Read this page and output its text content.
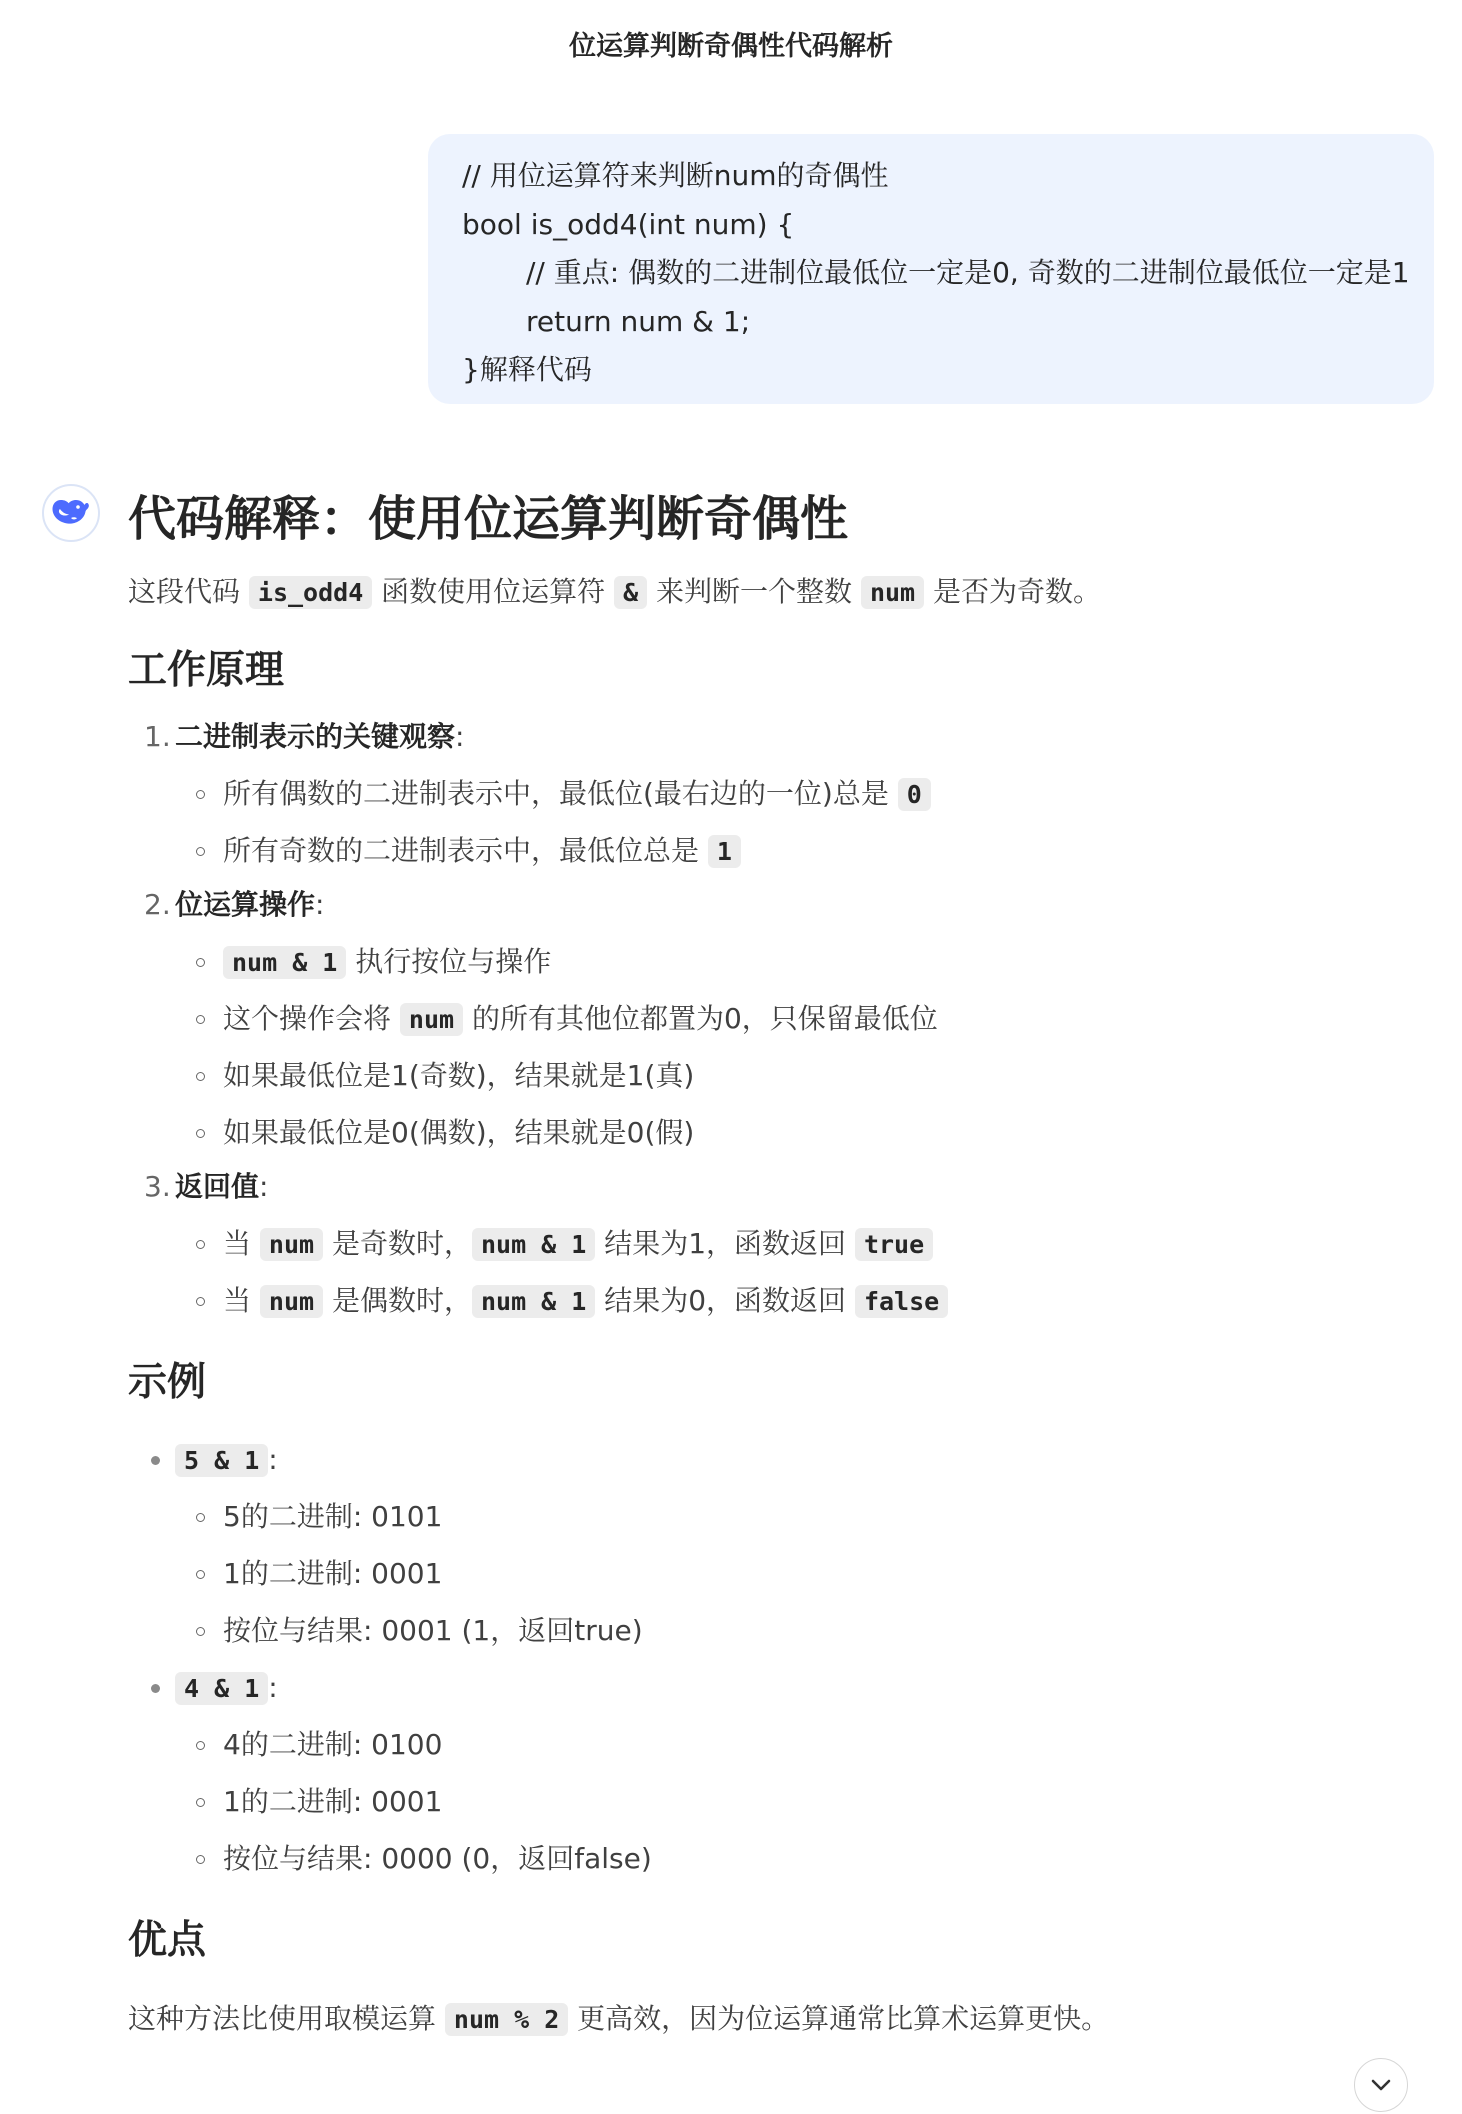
位运算判断奇偶性代码解析
// 用位运算符来判断num的奇偶性
bool is_odd4(int num) {
// 重点: 偶数的二进制位最低位一定是0, 奇数的二进制位最低位一定是1
return num & 1;
}解释代码
代码解释：使用位运算判断奇偶性

这段代码 is_odd4 函数使用位运算符 & 来判断一个整数 num 是否为奇数。

工作原理
1. 二进制表示的关键观察:
所有偶数的二进制表示中，最低位(最右边的一位)总是 0
所有奇数的二进制表示中，最低位总是 1
2. 位运算操作:
num & 1 执行按位与操作
这个操作会将 num 的所有其他位都置为0，只保留最低位
如果最低位是1(奇数)，结果就是1(真)
如果最低位是0(偶数)，结果就是0(假)
3. 返回值:
当 num 是奇数时， num & 1 结果为1，函数返回 true
当 num 是偶数时， num & 1 结果为0，函数返回 false
示例
5 & 1 :
5的二进制: 0101
1的二进制: 0001
按位与结果: 0001 (1，返回true)
4 & 1 :
4的二进制: 0100
1的二进制: 0001
按位与结果: 0000 (0，返回false)
优点

这种方法比使用取模运算 num % 2 更高效，因为位运算通常比算术运算更快。
